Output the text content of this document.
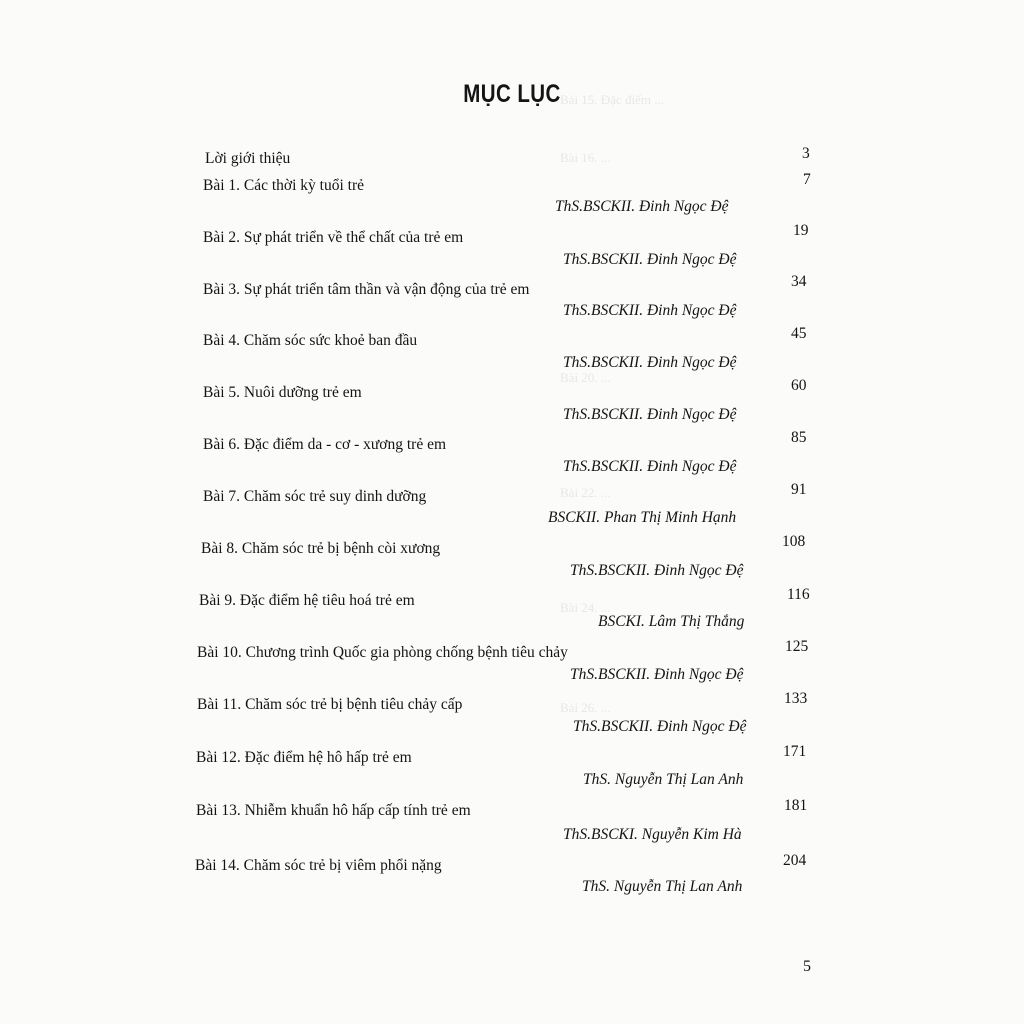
Bài 15. Đặc điểm ...
Bài 16. ...
Bài 20. ...
Bài 22. ...
Bài 24. ...
Bài 26. ...
MỤC LỤC
Lời giới thiệu	3
Bài 1. Các thời kỳ tuổi trẻ	7
ThS.BSCKII. Đinh Ngọc Đệ
Bài 2. Sự phát triển về thể chất của trẻ em	19
ThS.BSCKII. Đinh Ngọc Đệ
Bài 3. Sự phát triển tâm thần và vận động của trẻ em	34
ThS.BSCKII. Đinh Ngọc Đệ
Bài 4. Chăm sóc sức khoẻ ban đầu	45
ThS.BSCKII. Đinh Ngọc Đệ
Bài 5. Nuôi dưỡng trẻ em	60
ThS.BSCKII. Đinh Ngọc Đệ
Bài 6. Đặc điểm da - cơ - xương trẻ em	85
ThS.BSCKII. Đinh Ngọc Đệ
Bài 7. Chăm sóc trẻ suy dinh dưỡng	91
BSCKII. Phan Thị Minh Hạnh
Bài 8. Chăm sóc trẻ bị bệnh còi xương	108
ThS.BSCKII. Đinh Ngọc Đệ
Bài 9. Đặc điểm hệ tiêu hoá trẻ em	116
BSCKI. Lâm Thị Thắng
Bài 10. Chương trình Quốc gia phòng chống bệnh tiêu chảy	125
ThS.BSCKII. Đinh Ngọc Đệ
Bài 11. Chăm sóc trẻ bị bệnh tiêu chảy cấp	133
ThS.BSCKII. Đinh Ngọc Đệ
Bài 12. Đặc điểm hệ hô hấp trẻ em	171
ThS. Nguyễn Thị Lan Anh
Bài 13. Nhiễm khuẩn hô hấp cấp tính trẻ em	181
ThS.BSCKI. Nguyễn Kim Hà
Bài 14. Chăm sóc trẻ bị viêm phổi nặng	204
ThS. Nguyễn Thị Lan Anh
5
